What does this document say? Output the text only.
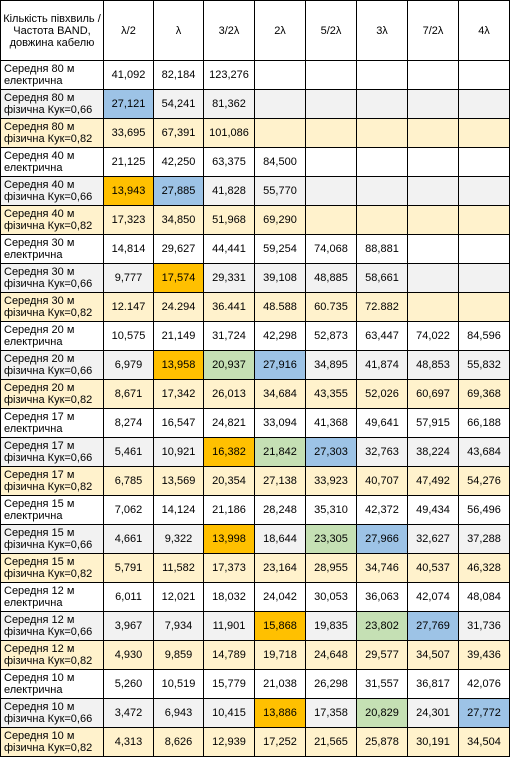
Кількість півхвиль / Частота BAND, довжина кабелю	λ/2	λ	3/2λ	2λ	5/2λ	3λ	7/2λ	4λ
Середня 80 м електрична	41,092	82,184	123,276					
Середня 80 м фізична Кук=0,66	27,121	54,241	81,362					
Середня 80 м фізична Кук=0,82	33,695	67,391	101,086					
Середня 40 м електрична	21,125	42,250	63,375	84,500				
Середня 40 м фізична Кук=0,66	13,943	27,885	41,828	55,770				
Середня 40 м фізична Кук=0,82	17,323	34,850	51,968	69,290				
Середня 30 м електрична	14,814	29,627	44,441	59,254	74,068	88,881		
Середня 30 м фізична Кук=0,66	9,777	17,574	29,331	39,108	48,885	58,661		
Середня 30 м фізична Кук=0,82	12.147	24.294	36.441	48.588	60.735	72.882		
Середня 20 м електрична	10,575	21,149	31,724	42,298	52,873	63,447	74,022	84,596
Середня 20 м фізична Кук=0,66	6,979	13,958	20,937	27,916	34,895	41,874	48,853	55,832
Середня 20 м фізична Кук=0,82	8,671	17,342	26,013	34,684	43,355	52,026	60,697	69,368
Середня 17 м електрична	8,274	16,547	24,821	33,094	41,368	49,641	57,915	66,188
Середня 17 м фізична Кук=0,66	5,461	10,921	16,382	21,842	27,303	32,763	38,224	43,684
Середня 17 м фізична Кук=0,82	6,785	13,569	20,354	27,138	33,923	40,707	47,492	54,276
Середня 15 м електрична	7,062	14,124	21,186	28,248	35,310	42,372	49,434	56,496
Середня 15 м фізична Кук=0,66	4,661	9,322	13,998	18,644	23,305	27,966	32,627	37,288
Середня 15 м фізична Кук=0,82	5,791	11,582	17,373	23,164	28,955	34,746	40,537	46,328
Середня 12 м електрична	6,011	12,021	18,032	24,042	30,053	36,063	42,074	48,084
Середня 12 м фізична Кук=0,66	3,967	7,934	11,901	15,868	19,835	23,802	27,769	31,736
Середня 12 м фізична Кук=0,82	4,930	9,859	14,789	19,718	24,648	29,577	34,507	39,436
Середня 10 м електрична	5,260	10,519	15,779	21,038	26,298	31,557	36,817	42,076
Середня 10 м фізична Кук=0,66	3,472	6,943	10,415	13,886	17,358	20,829	24,301	27,772
Середня 10 м фізична Кук=0,82	4,313	8,626	12,939	17,252	21,565	25,878	30,191	34,504
